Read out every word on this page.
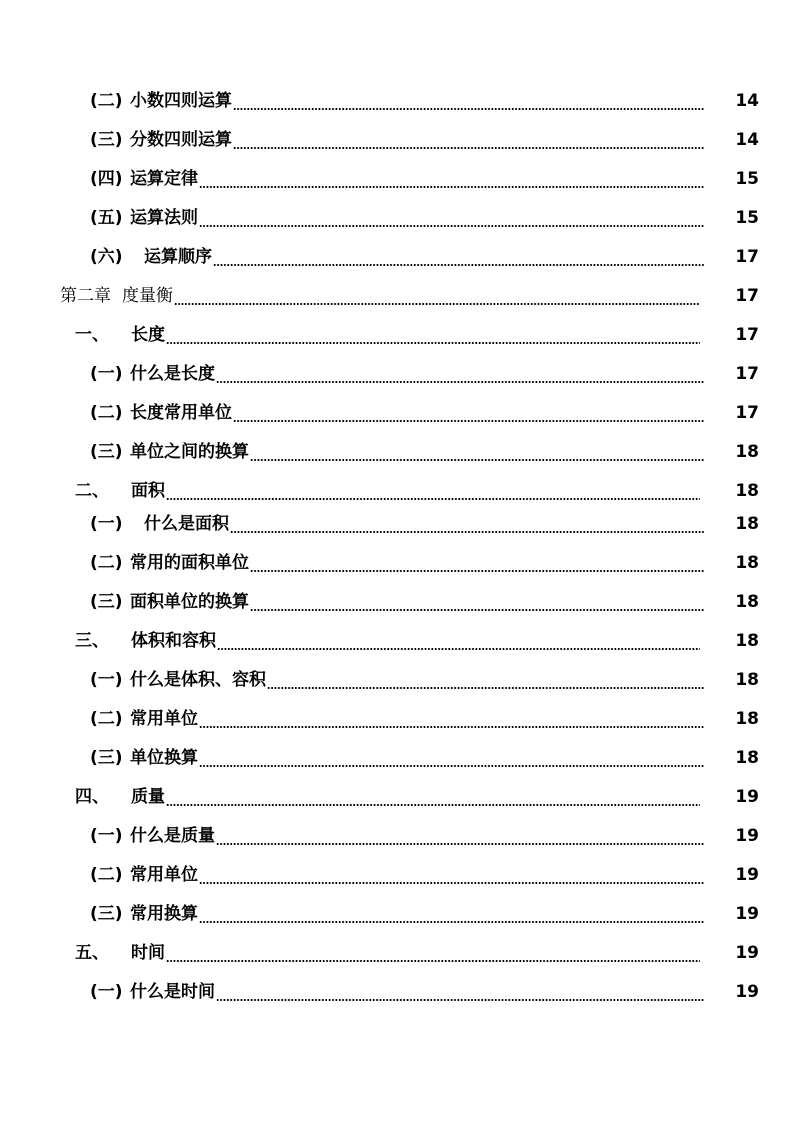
(二) 小数四则运算	14
(三) 分数四则运算	14
(四) 运算定律	15
(五) 运算法则	15
(六)	运算顺序	17
第二章 度量衡	17
一、	长度	17
(一) 什么是长度	17
(二) 长度常用单位	17
(三) 单位之间的换算	18
二、	面积	18
(一)	什么是面积	18
(二) 常用的面积单位	18
(三) 面积单位的换算	18
三、	体积和容积	18
(一) 什么是体积、容积	18
(二) 常用单位	18
(三) 单位换算	18
四、	质量	19
(一) 什么是质量	19
(二) 常用单位	19
(三) 常用换算	19
五、	时间	19
(一) 什么是时间	19
